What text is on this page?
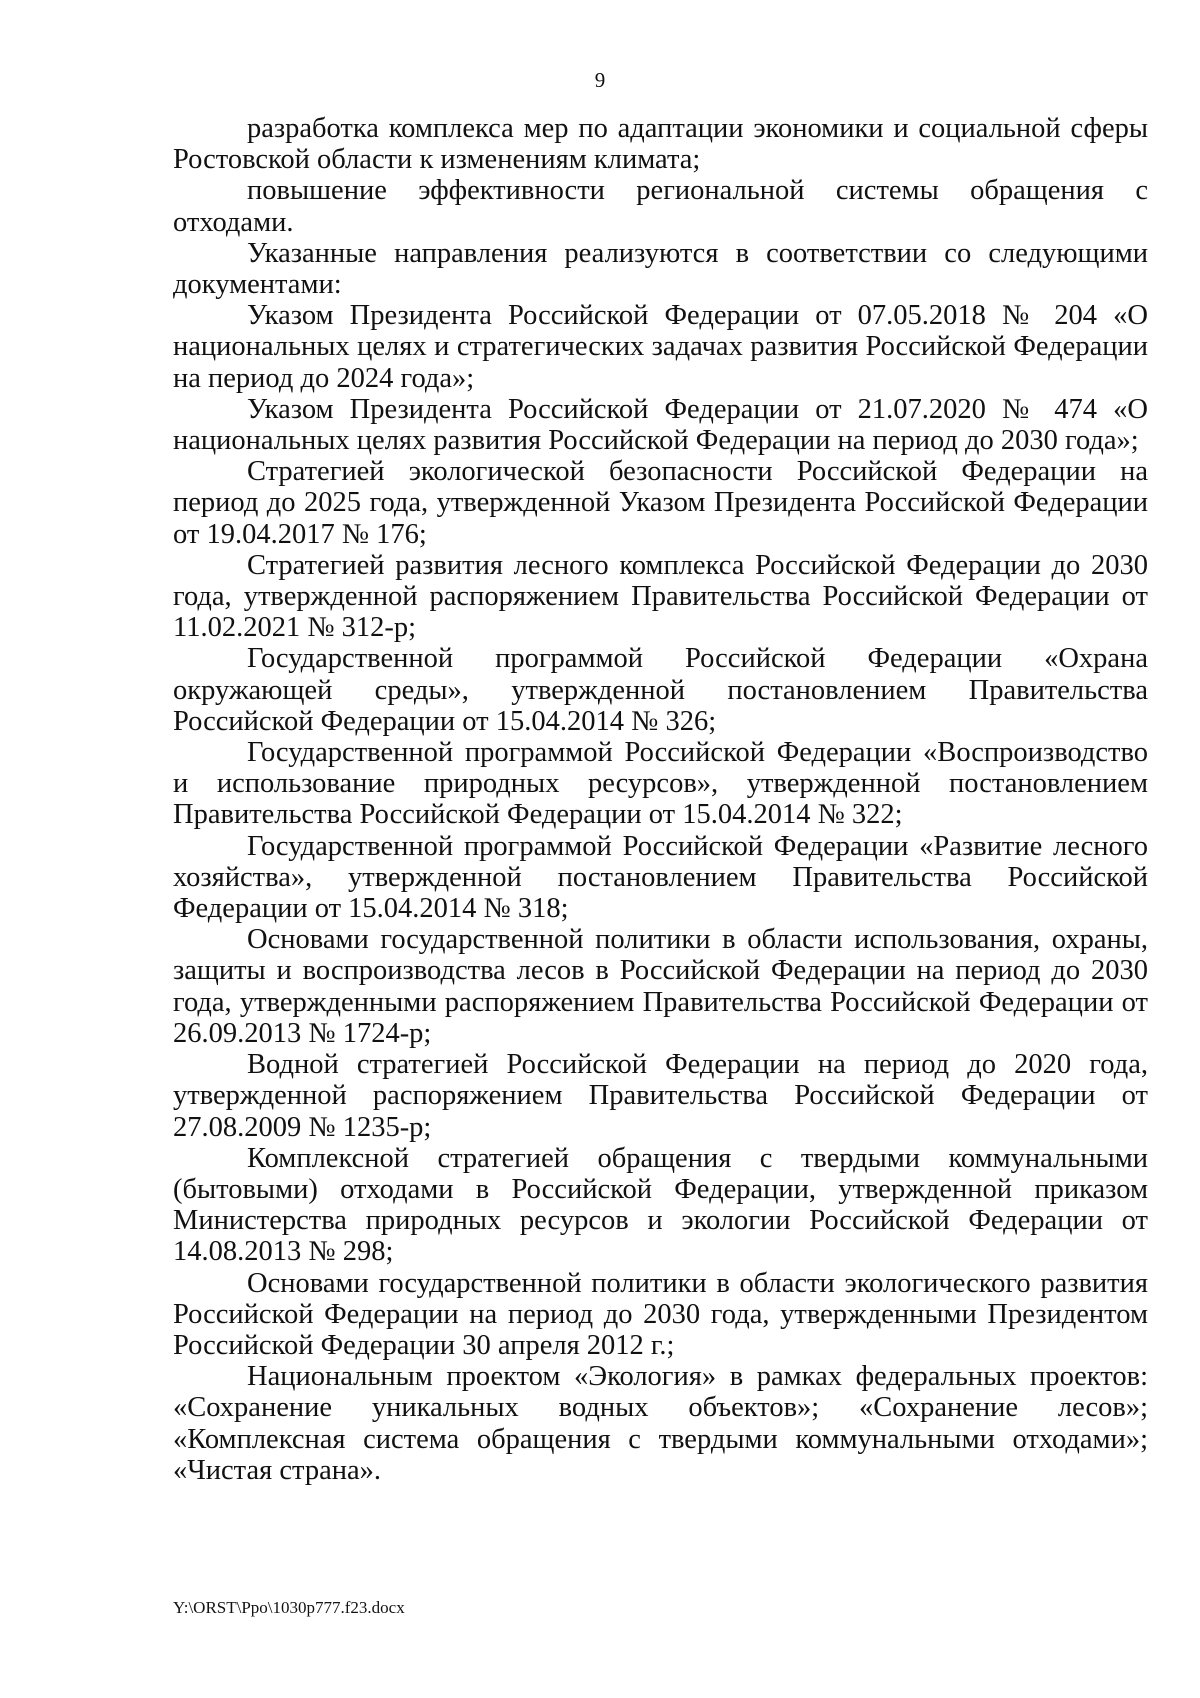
9

разработка комплекса мер по адаптации экономики и социальной сферы Ростовской области к изменениям климата;

повышение эффективности региональной системы обращения с отходами.

Указанные направления реализуются в соответствии со следующими документами:

Указом Президента Российской Федерации от 07.05.2018 № 204 «О национальных целях и стратегических задачах развития Российской Федерации на период до 2024 года»;

Указом Президента Российской Федерации от 21.07.2020 № 474 «О национальных целях развития Российской Федерации на период до 2030 года»;

Стратегией экологической безопасности Российской Федерации на период до 2025 года, утвержденной Указом Президента Российской Федерации от 19.04.2017 № 176;

Стратегией развития лесного комплекса Российской Федерации до 2030 года, утвержденной распоряжением Правительства Российской Федерации от 11.02.2021 № 312-р;

Государственной программой Российской Федерации «Охрана окружающей среды», утвержденной постановлением Правительства Российской Федерации от 15.04.2014 № 326;

Государственной программой Российской Федерации «Воспроизводство и использование природных ресурсов», утвержденной постановлением Правительства Российской Федерации от 15.04.2014 № 322;

Государственной программой Российской Федерации «Развитие лесного хозяйства», утвержденной постановлением Правительства Российской Федерации от 15.04.2014 № 318;

Основами государственной политики в области использования, охраны, защиты и воспроизводства лесов в Российской Федерации на период до 2030 года, утвержденными распоряжением Правительства Российской Федерации от 26.09.2013 № 1724-р;

Водной стратегией Российской Федерации на период до 2020 года, утвержденной распоряжением Правительства Российской Федерации от 27.08.2009 № 1235-р;

Комплексной стратегией обращения с твердыми коммунальными (бытовыми) отходами в Российской Федерации, утвержденной приказом Министерства природных ресурсов и экологии Российской Федерации от 14.08.2013 № 298;

Основами государственной политики в области экологического развития Российской Федерации на период до 2030 года, утвержденными Президентом Российской Федерации 30 апреля 2012 г.;

Национальным проектом «Экология» в рамках федеральных проектов: «Сохранение уникальных водных объектов»; «Сохранение лесов»; «Комплексная система обращения с твердыми коммунальными отходами»; «Чистая страна».

Y:\ORST\Ppo\1030p777.f23.docx
